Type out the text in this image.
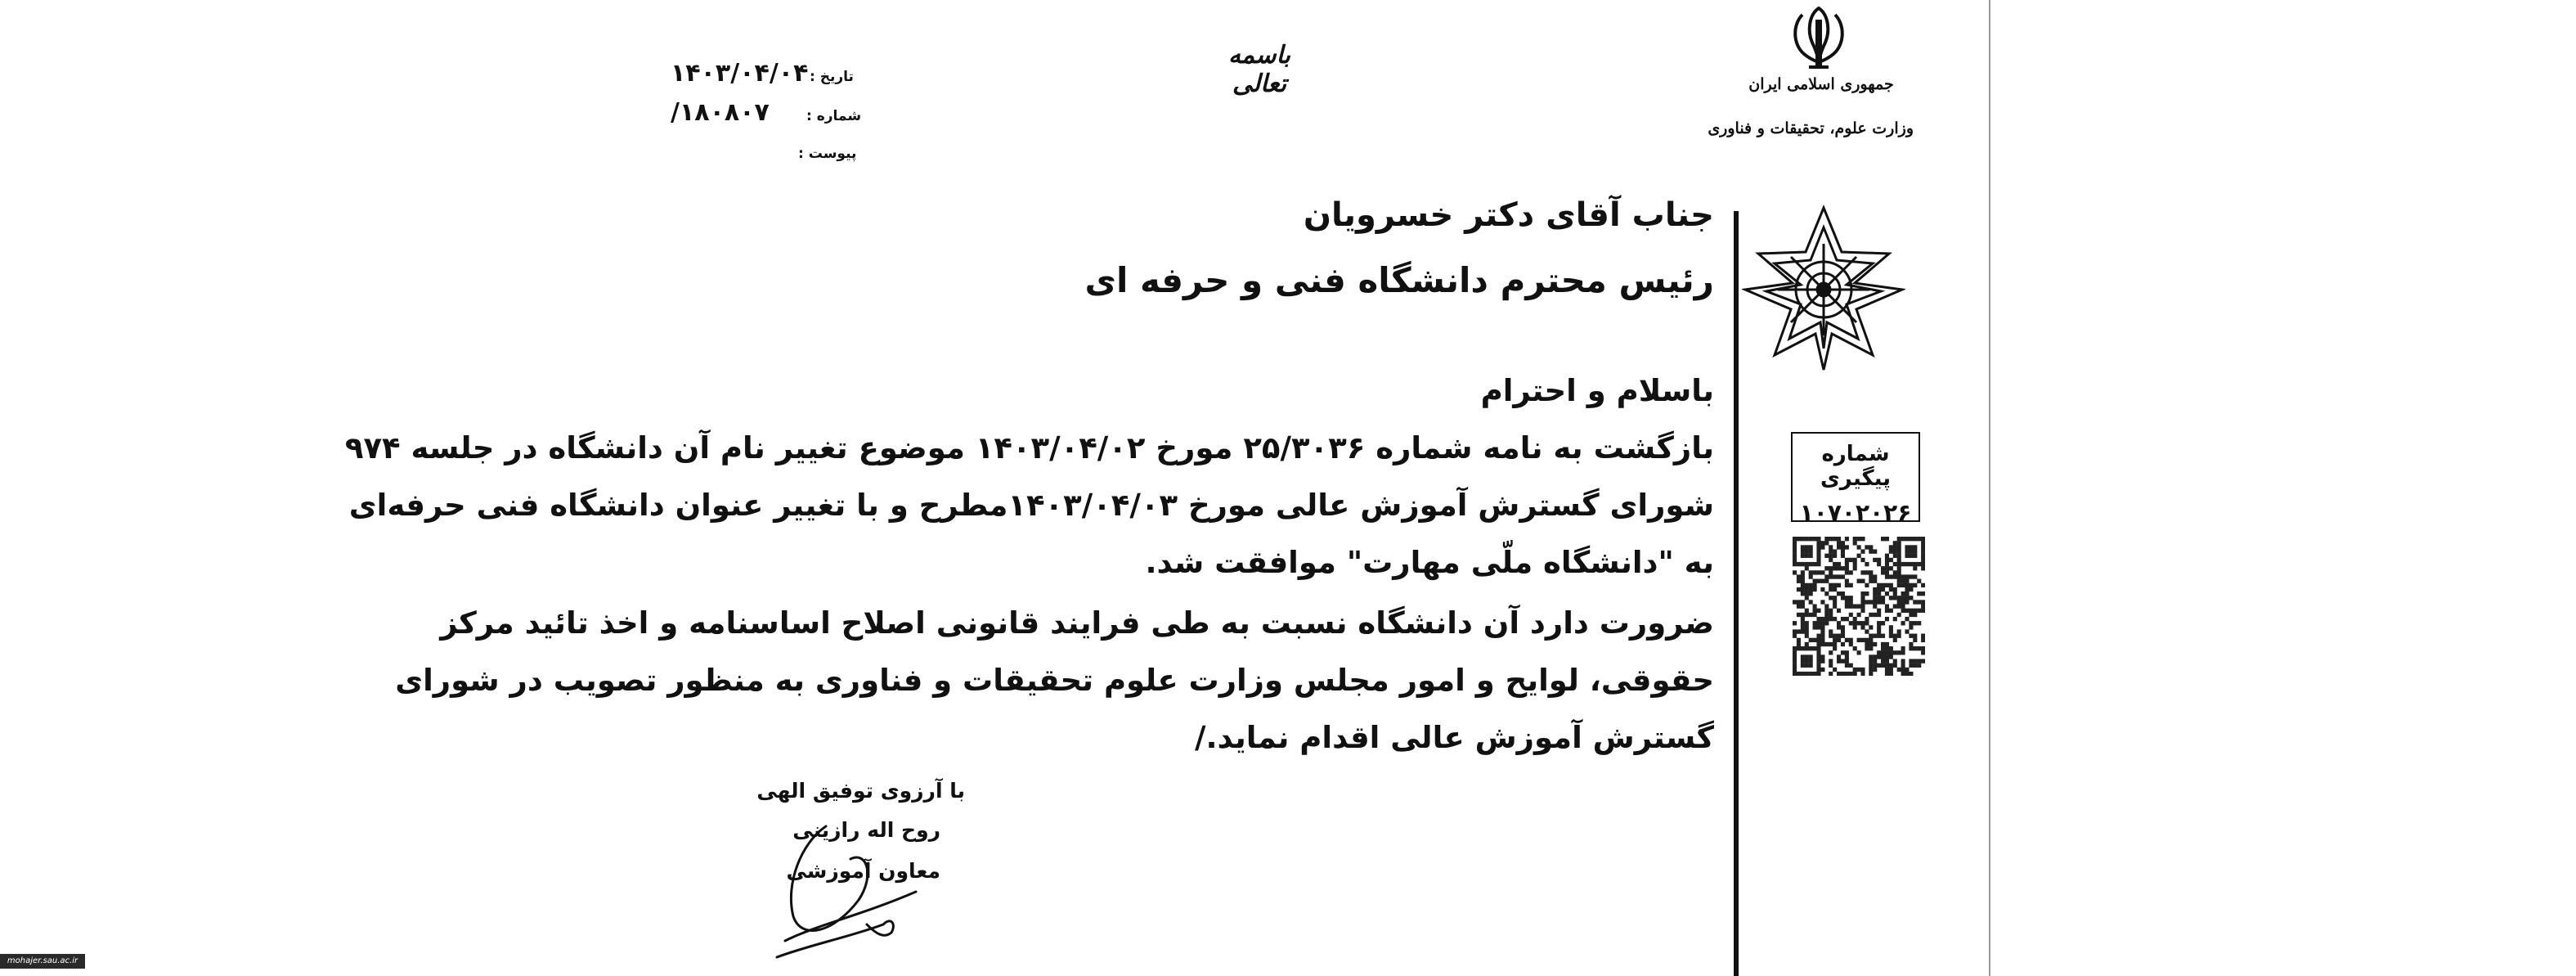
جمهوری اسلامی ایران
وزارت علوم، تحقیقات و فناوری
شماره پیگیری
۱۰۷۰۲۰۲۶
باسمه تعالی
تاریخ :
شماره :
پیوست :
۱۴۰۳/۰۴/۰۴
/۱۸۰۸۰۷
جناب آقای دکتر خسرویان
رئیس محترم دانشگاه فنی و حرفه ای
باسلام و احترام
بازگشت به نامه شماره ۲۵/۳۰۳۶ مورخ ۱۴۰۳/۰۴/۰۲ موضوع تغییر نام آن دانشگاه در جلسه ۹۷۴
شورای گسترش آموزش عالی مورخ ۱۴۰۳/۰۴/۰۳مطرح و با تغییر عنوان دانشگاه فنی حرفه‌ای
به "دانشگاه ملّی مهارت" موافقت شد.
ضرورت دارد آن دانشگاه نسبت به طی فرایند قانونی اصلاح اساسنامه و اخذ تائید مرکز
حقوقی، لوایح و امور مجلس وزارت علوم تحقیقات و فناوری به منظور تصویب در شورای
گسترش آموزش عالی اقدام نماید./
با آرزوی توفیق الهی
روح اله رازینی
معاون آموزشی
mohajer.sau.ac.ir
